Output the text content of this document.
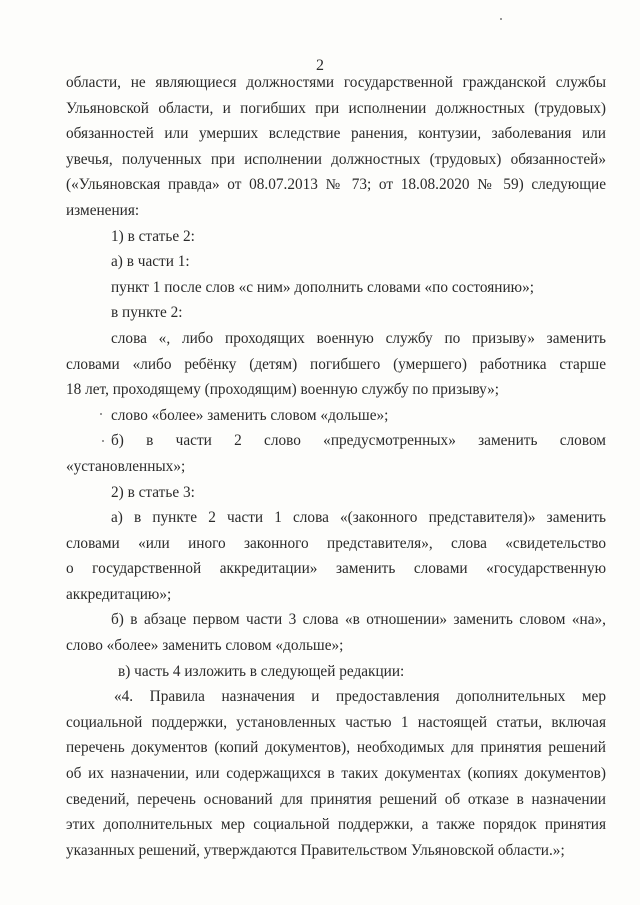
2
области, не являющиеся должностями государственной гражданской службы
Ульяновской области, и погибших при исполнении должностных (трудовых)
обязанностей или умерших вследствие ранения, контузии, заболевания или
увечья, полученных при исполнении должностных (трудовых) обязанностей»
(«Ульяновская правда» от 08.07.2013 № 73; от 18.08.2020 № 59) следующие
изменения:
1) в статье 2:
а) в части 1:
пункт 1 после слов «с ним» дополнить словами «по состоянию»;
в пункте 2:
слова «, либо проходящих военную службу по призыву» заменить
словами «либо ребёнку (детям) погибшего (умершего) работника старше
18 лет, проходящему (проходящим) военную службу по призыву»;
слово «более» заменить словом «дольше»;
б) в части 2 слово «предусмотренных» заменить словом
«установленных»;
2) в статье 3:
а) в пункте 2 части 1 слова «(законного представителя)» заменить
словами «или иного законного представителя», слова «свидетельство
о государственной аккредитации» заменить словами «государственную
аккредитацию»;
б) в абзаце первом части 3 слова «в отношении» заменить словом «на»,
слово «более» заменить словом «дольше»;
в) часть 4 изложить в следующей редакции:
«4. Правила назначения и предоставления дополнительных мер
социальной поддержки, установленных частью 1 настоящей статьи, включая
перечень документов (копий документов), необходимых для принятия решений
об их назначении, или содержащихся в таких документах (копиях документов)
сведений, перечень оснований для принятия решений об отказе в назначении
этих дополнительных мер социальной поддержки, а также порядок принятия
указанных решений, утверждаются Правительством Ульяновской области.»;
